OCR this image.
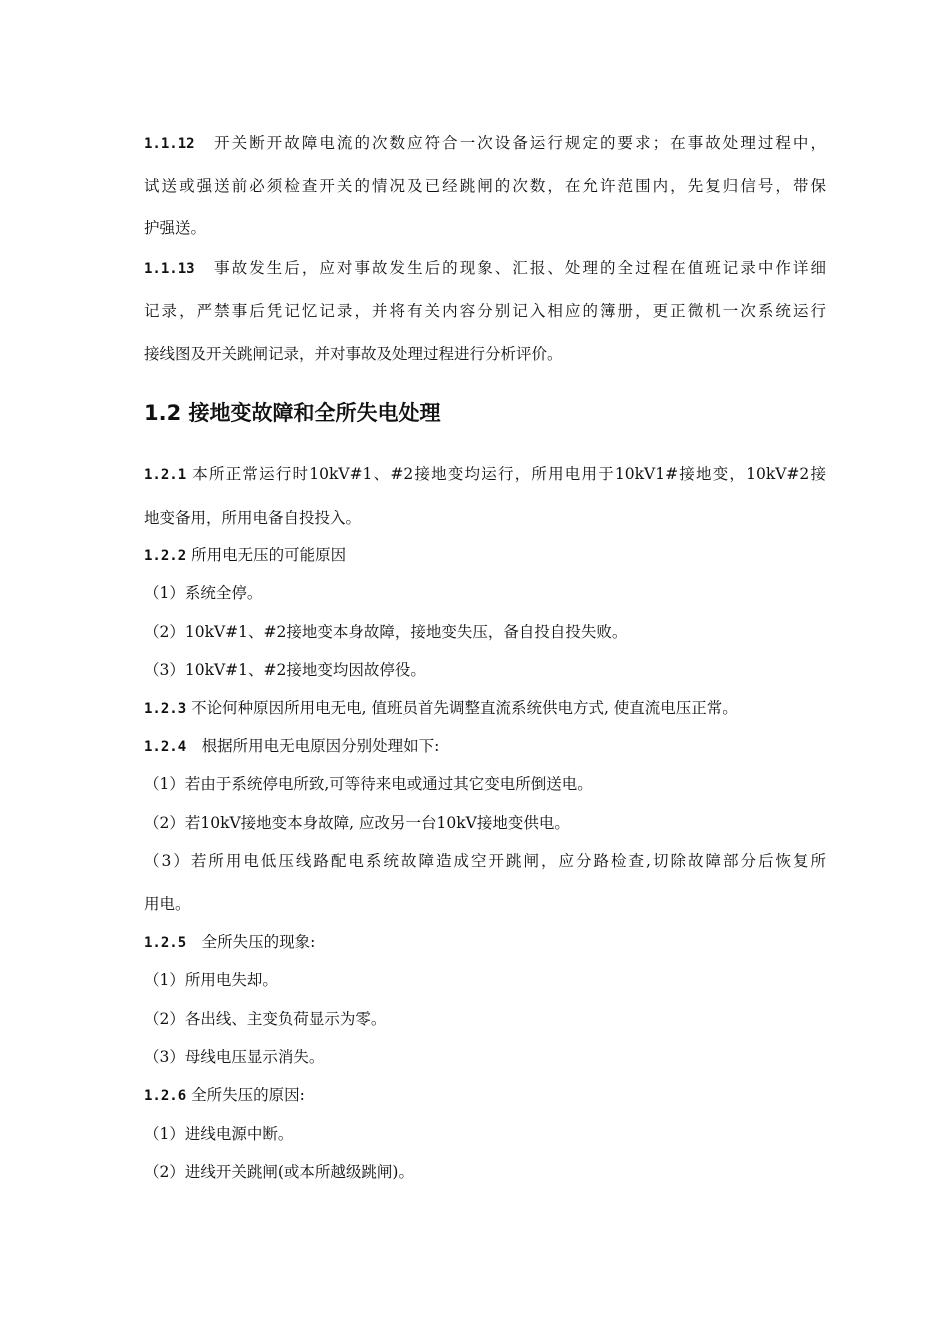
1.1.12　 开关断开故障电流的次数应符合一次设备运行规定的要求；在事故处理过程中，
试送或强送前必须检查开关的情况及已经跳闸的次数，在允许范围内，先复归信号，带保
护强送。
1.1.13　 事故发生后，应对事故发生后的现象、汇报、处理的全过程在值班记录中作详细
记录，严禁事后凭记忆记录，并将有关内容分别记入相应的簿册，更正微机一次系统运行
接线图及开关跳闸记录，并对事故及处理过程进行分析评价。
1.2 接地变故障和全所失电处理
1.2.1 本所正常运行时10kV#1、#2接地变均运行，所用电用于10kV1#接地变，10kV#2接
地变备用，所用电备自投投入。
1.2.2 所用电无压的可能原因
（1）系统全停。
（2）10kV#1、#2接地变本身故障，接地变失压，备自投自投失败。
（3）10kV#1、#2接地变均因故停役。
1.2.3 不论何种原因所用电无电, 值班员首先调整直流系统供电方式, 使直流电压正常。
1.2.4　 根据所用电无电原因分别处理如下:
（1）若由于系统停电所致,可等待来电或通过其它变电所倒送电。
（2）若10kV接地变本身故障, 应改另一台10kV接地变供电。
（3）若所用电低压线路配电系统故障造成空开跳闸，应分路检查,切除故障部分后恢复所
用电。
1.2.5　 全所失压的现象:
（1）所用电失却。
（2）各出线、主变负荷显示为零。
（3）母线电压显示消失。
1.2.6 全所失压的原因:
（1）进线电源中断。
（2）进线开关跳闸(或本所越级跳闸)。
